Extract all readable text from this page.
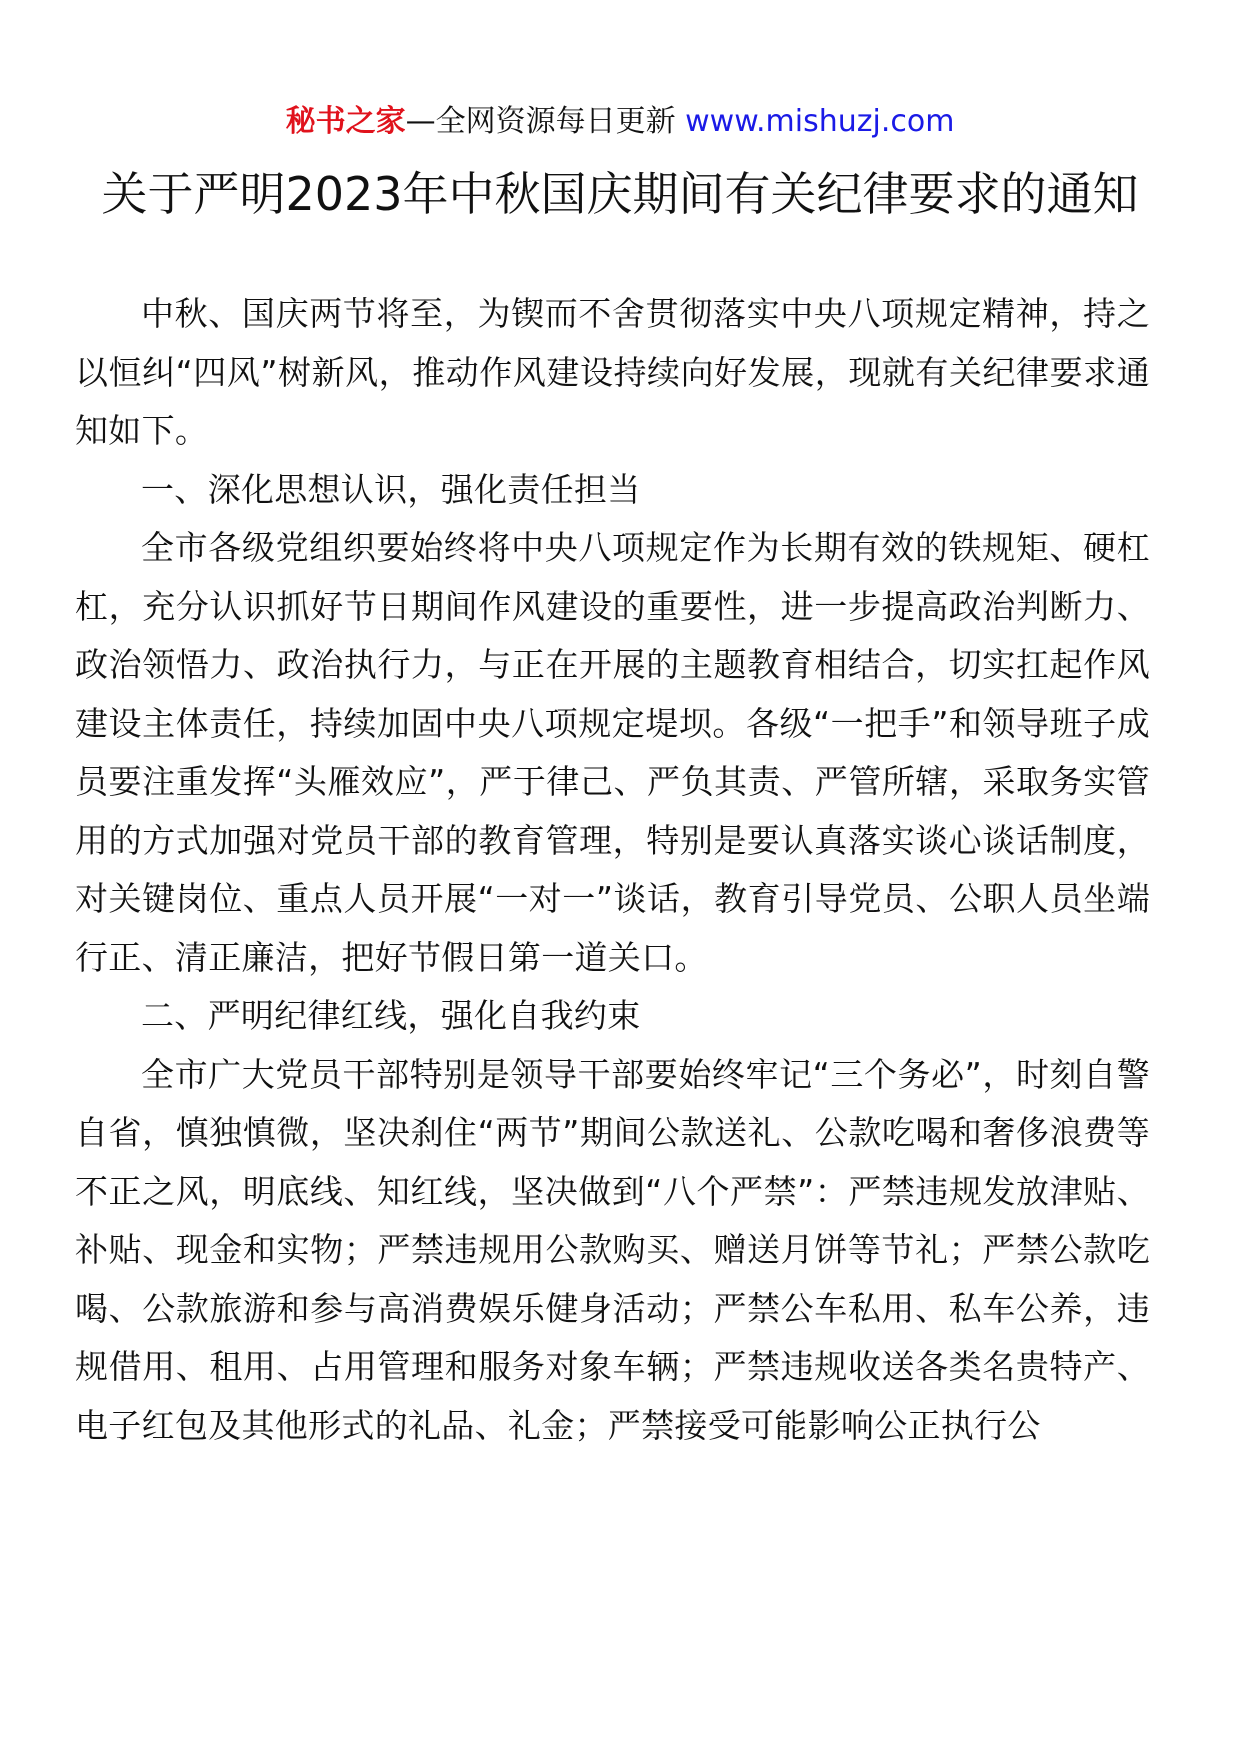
秘书之家—全网资源每日更新 www.mishuzj.com
关于严明2023年中秋国庆期间有关纪律要求的通知

中秋、国庆两节将至，为锲而不舍贯彻落实中央八项规定精神，持之以恒纠“四风”树新风，推动作风建设持续向好发展，现就有关纪律要求通知如下。

一、深化思想认识，强化责任担当

全市各级党组织要始终将中央八项规定作为长期有效的铁规矩、硬杠杠，充分认识抓好节日期间作风建设的重要性，进一步提高政治判断力、政治领悟力、政治执行力，与正在开展的主题教育相结合，切实扛起作风建设主体责任，持续加固中央八项规定堤坝。各级“一把手”和领导班子成员要注重发挥“头雁效应”，严于律己、严负其责、严管所辖，采取务实管用的方式加强对党员干部的教育管理，特别是要认真落实谈心谈话制度，对关键岗位、重点人员开展“一对一”谈话，教育引导党员、公职人员坐端行正、清正廉洁，把好节假日第一道关口。

二、严明纪律红线，强化自我约束

全市广大党员干部特别是领导干部要始终牢记“三个务必”，时刻自警自省，慎独慎微，坚决刹住“两节”期间公款送礼、公款吃喝和奢侈浪费等不正之风，明底线、知红线，坚决做到“八个严禁”：严禁违规发放津贴、补贴、现金和实物；严禁违规用公款购买、赠送月饼等节礼；严禁公款吃喝、公款旅游和参与高消费娱乐健身活动；严禁公车私用、私车公养，违规借用、租用、占用管理和服务对象车辆；严禁违规收送各类名贵特产、电子红包及其他形式的礼品、礼金；严禁接受可能影响公正执行公
